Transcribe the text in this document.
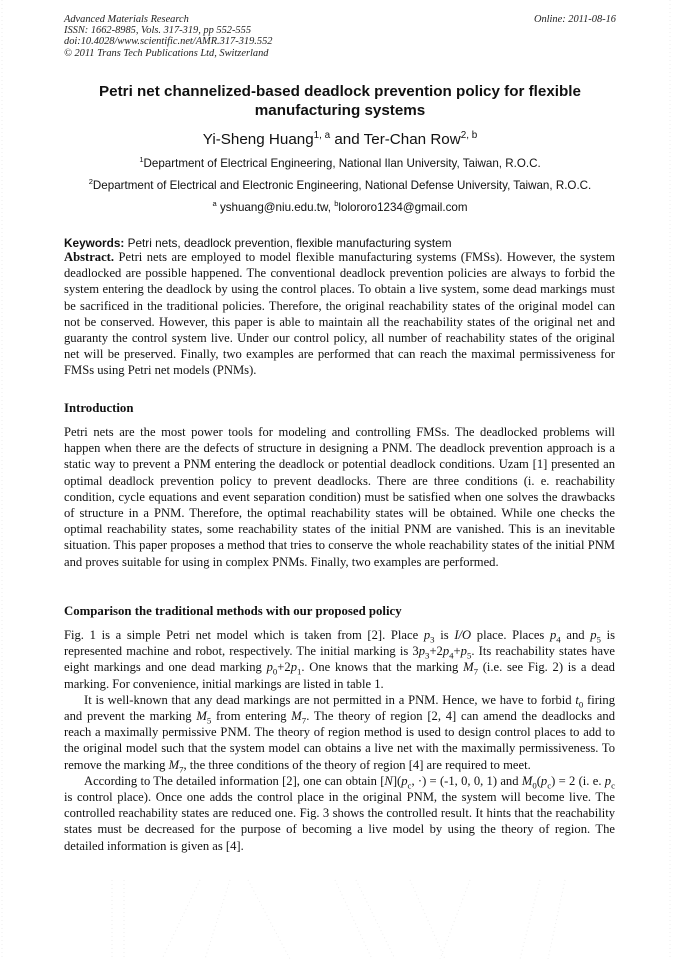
Advanced Materials Research
ISSN: 1662-8985, Vols. 317-319, pp 552-555
doi:10.4028/www.scientific.net/AMR.317-319.552
© 2011 Trans Tech Publications Ltd, Switzerland
Online: 2011-08-16
Petri net channelized-based deadlock prevention policy for flexible manufacturing systems
Yi-Sheng Huang$^{1, a}$ and Ter-Chan Row$^{2, b}$
$^1$Department of Electrical Engineering, National Ilan University, Taiwan, R.O.C.
$^2$Department of Electrical and Electronic Engineering, National Defense University, Taiwan, R.O.C.
$^a$ yshuang@niu.edu.tw, $^b$lolororo1234@gmail.com
Keywords: Petri nets, deadlock prevention, flexible manufacturing system
Abstract. Petri nets are employed to model flexible manufacturing systems (FMSs). However, the system deadlocked are possible happened. The conventional deadlock prevention policies are always to forbid the system entering the deadlock by using the control places. To obtain a live system, some dead markings must be sacrificed in the traditional policies. Therefore, the original reachability states of the original model can not be conserved. However, this paper is able to maintain all the reachability states of the original net and guaranty the control system live. Under our control policy, all number of reachability states of the original net will be preserved. Finally, two examples are performed that can reach the maximal permissiveness for FMSs using Petri net models (PNMs).
Introduction
Petri nets are the most power tools for modeling and controlling FMSs. The deadlocked problems will happen when there are the defects of structure in designing a PNM. The deadlock prevention approach is a static way to prevent a PNM entering the deadlock or potential deadlock conditions. Uzam [1] presented an optimal deadlock prevention policy to prevent deadlocks. There are three conditions (i. e. reachability condition, cycle equations and event separation condition) must be satisfied when one solves the drawbacks of structure in a PNM. Therefore, the optimal reachability states will be obtained. While one checks the optimal reachability states, some reachability states of the initial PNM are vanished. This is an inevitable situation. This paper proposes a method that tries to conserve the whole reachability states of the initial PNM and proves suitable for using in complex PNMs. Finally, two examples are performed.
Comparison the traditional methods with our proposed policy
Fig. 1 is a simple Petri net model which is taken from [2]. Place $p_3$ is I/O place. Places $p_4$ and $p_5$ is represented machine and robot, respectively. The initial marking is $3p_3+2p_4+p_5$. Its reachability states have eight markings and one dead marking $p_0+2p_1$. One knows that the marking $M_7$ (i.e. see Fig. 2) is a dead marking. For convenience, initial markings are listed in table 1.
It is well-known that any dead markings are not permitted in a PNM. Hence, we have to forbid $t_0$ firing and prevent the marking $M_5$ from entering $M_7$. The theory of region [2, 4] can amend the deadlocks and reach a maximally permissive PNM. The theory of region method is used to design control places to add to the original model such that the system model can obtains a live net with the maximally permissiveness. To remove the marking $M_7$, the three conditions of the theory of region [4] are required to meet.
According to The detailed information [2], one can obtain $[N](p_c$, ·) = (-1, 0, 0, 1) and $M_0(p_c) = 2$ (i. e. $p_c$ is control place). Once one adds the control place in the original PNM, the system will become live. The controlled reachability states are reduced one. Fig. 3 shows the controlled result. It hints that the reachability states must be decreased for the purpose of becoming a live model by using the theory of region. The detailed information is given as [4].
